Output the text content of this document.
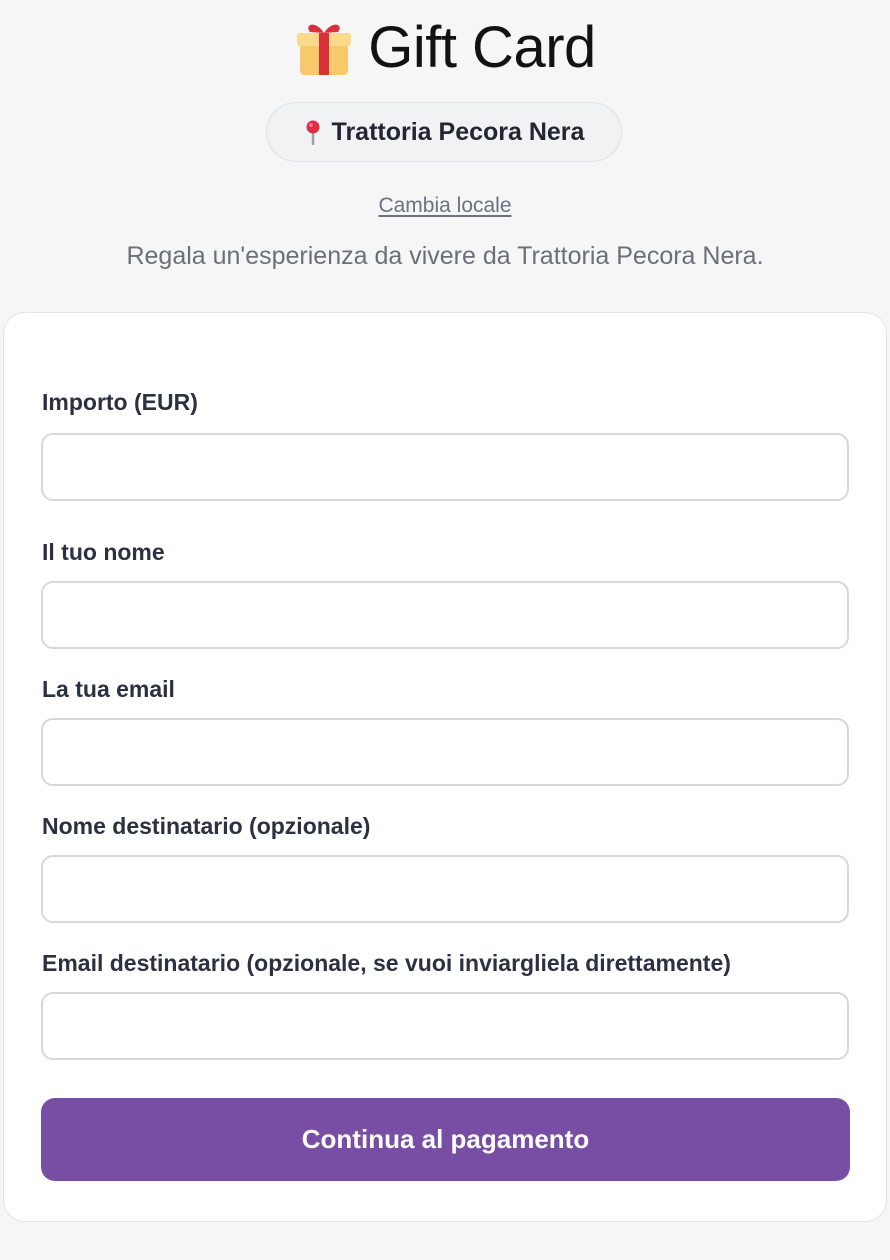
Gift Card
Trattoria Pecora Nera
Cambia locale
Regala un'esperienza da vivere da Trattoria Pecora Nera.
Importo (EUR)
Il tuo nome
La tua email
Nome destinatario (opzionale)
Email destinatario (opzionale, se vuoi inviargliela direttamente)
Continua al pagamento
